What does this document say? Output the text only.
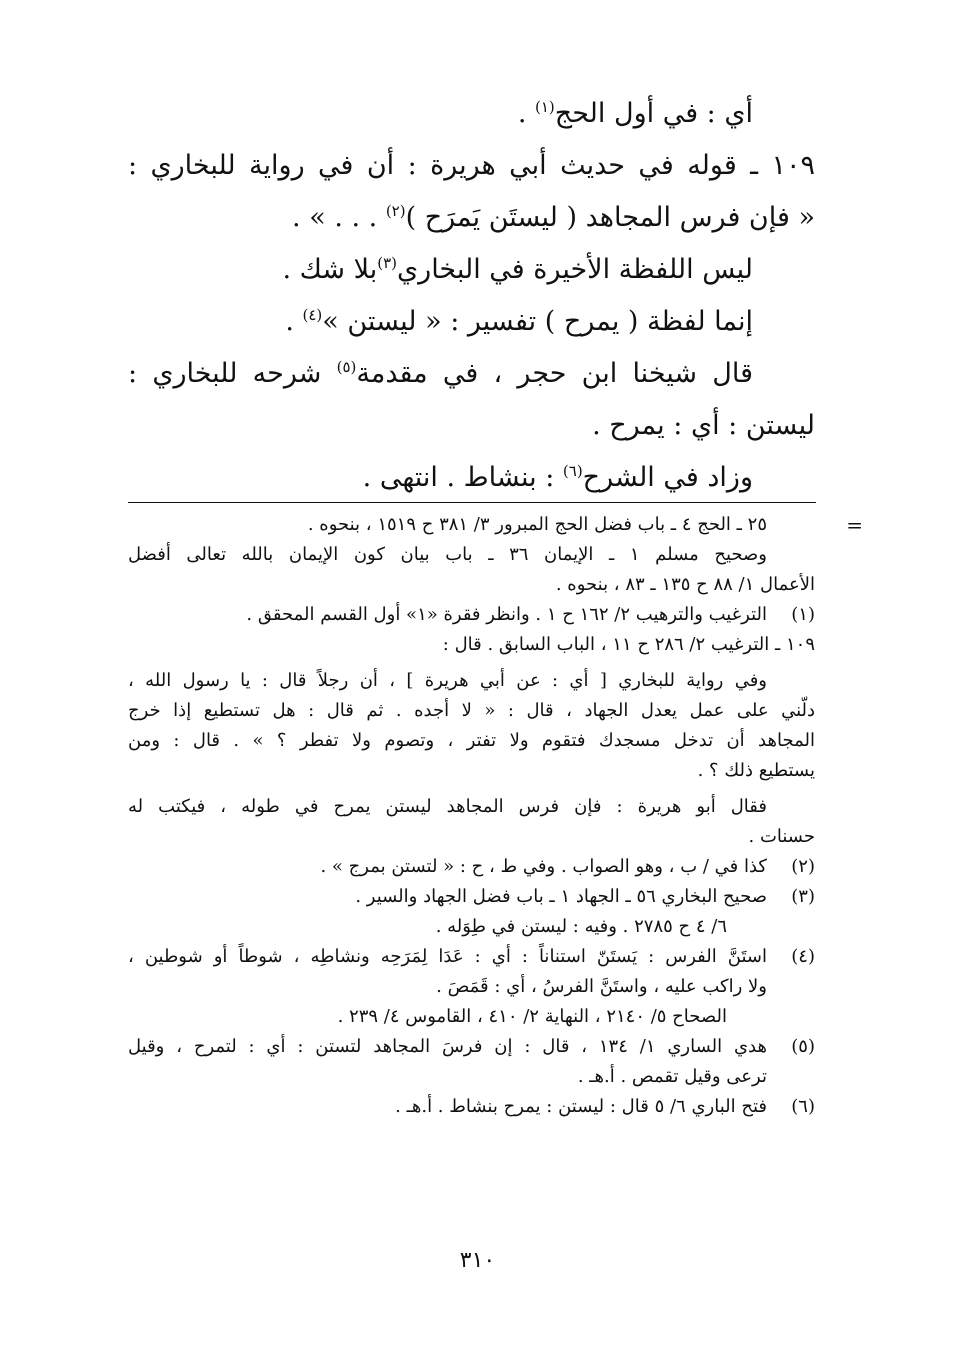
أي : في أول الحج$^{(١)}$ .
١٠٩ ـ قوله في حديث أبي هريرة : أن في رواية للبخاري :
« فإن فرس المجاهد ( ليستَن يَمرَح )$^{(٢)}$ . . . » .
ليس اللفظة الأخيرة في البخاري$^{(٣)}$بلا شك .
إنما لفظة ( يمرح ) تفسير : « ليستن »$^{(٤)}$ .
قال شيخنا ابن حجر ، في مقدمة$^{(٥)}$ شرحه للبخاري :
ليستن : أي : يمرح .
وزاد في الشرح$^{(٦)}$ : بنشاط . انتهى .
=
٢٥ ـ الحج ٤ ـ باب فضل الحج المبرور ٣/ ٣٨١ ح ١٥١٩ ، بنحوه .
وصحيح مسلم ١ ـ الإيمان ٣٦ ـ باب بيان كون الإيمان بالله تعالى أفضل
الأعمال ١/ ٨٨ ح ١٣٥ ـ ٨٣ ، بنحوه .
(١)الترغيب والترهيب ٢/ ١٦٢ ح ١ . وانظر فقرة «١» أول القسم المحقق .
١٠٩ ـ الترغيب ٢/ ٢٨٦ ح ١١ ، الباب السابق . قال :
وفي رواية للبخاري [ أي : عن أبي هريرة ] ، أن رجلاً قال : يا رسول الله ،
دلّني على عمل يعدل الجهاد ، قال : « لا أجده . ثم قال : هل تستطيع إذا خرج
المجاهد أن تدخل مسجدك فتقوم ولا تفتر ، وتصوم ولا تفطر ؟ » . قال : ومن
يستطيع ذلك ؟ .
فقال أبو هريرة : فإن فرس المجاهد ليستن يمرح في طوله ، فيكتب له
حسنات .
(٢)كذا في / ب ، وهو الصواب . وفي ط ، ح : « لتستن بمرج » .
(٣)صحيح البخاري ٥٦ ـ الجهاد ١ ـ باب فضل الجهاد والسير .
٦/ ٤ ح ٢٧٨٥ . وفيه : ليستن في طِوَله .
(٤)استَنَّ الفرس : يَستَنّ استناناً : أي : عَدَا لِمَرَحِه ونشاطِه ، شوطاً أو شوطين ،
ولا راكب عليه ، واستَنَّ الفرسُ ، أي : قَمَصَ .
الصحاح ٥/ ٢١٤٠ ، النهاية ٢/ ٤١٠ ، القاموس ٤/ ٢٣٩ .
(٥)هدي الساري ١/ ١٣٤ ، قال : إن فرسَ المجاهد لتستن : أي : لتمرح ، وقيل
ترعى وقيل تقمص . أ.هـ .
(٦)فتح الباري ٦/ ٥ قال : ليستن : يمرح بنشاط . أ.هـ .
٣١٠
